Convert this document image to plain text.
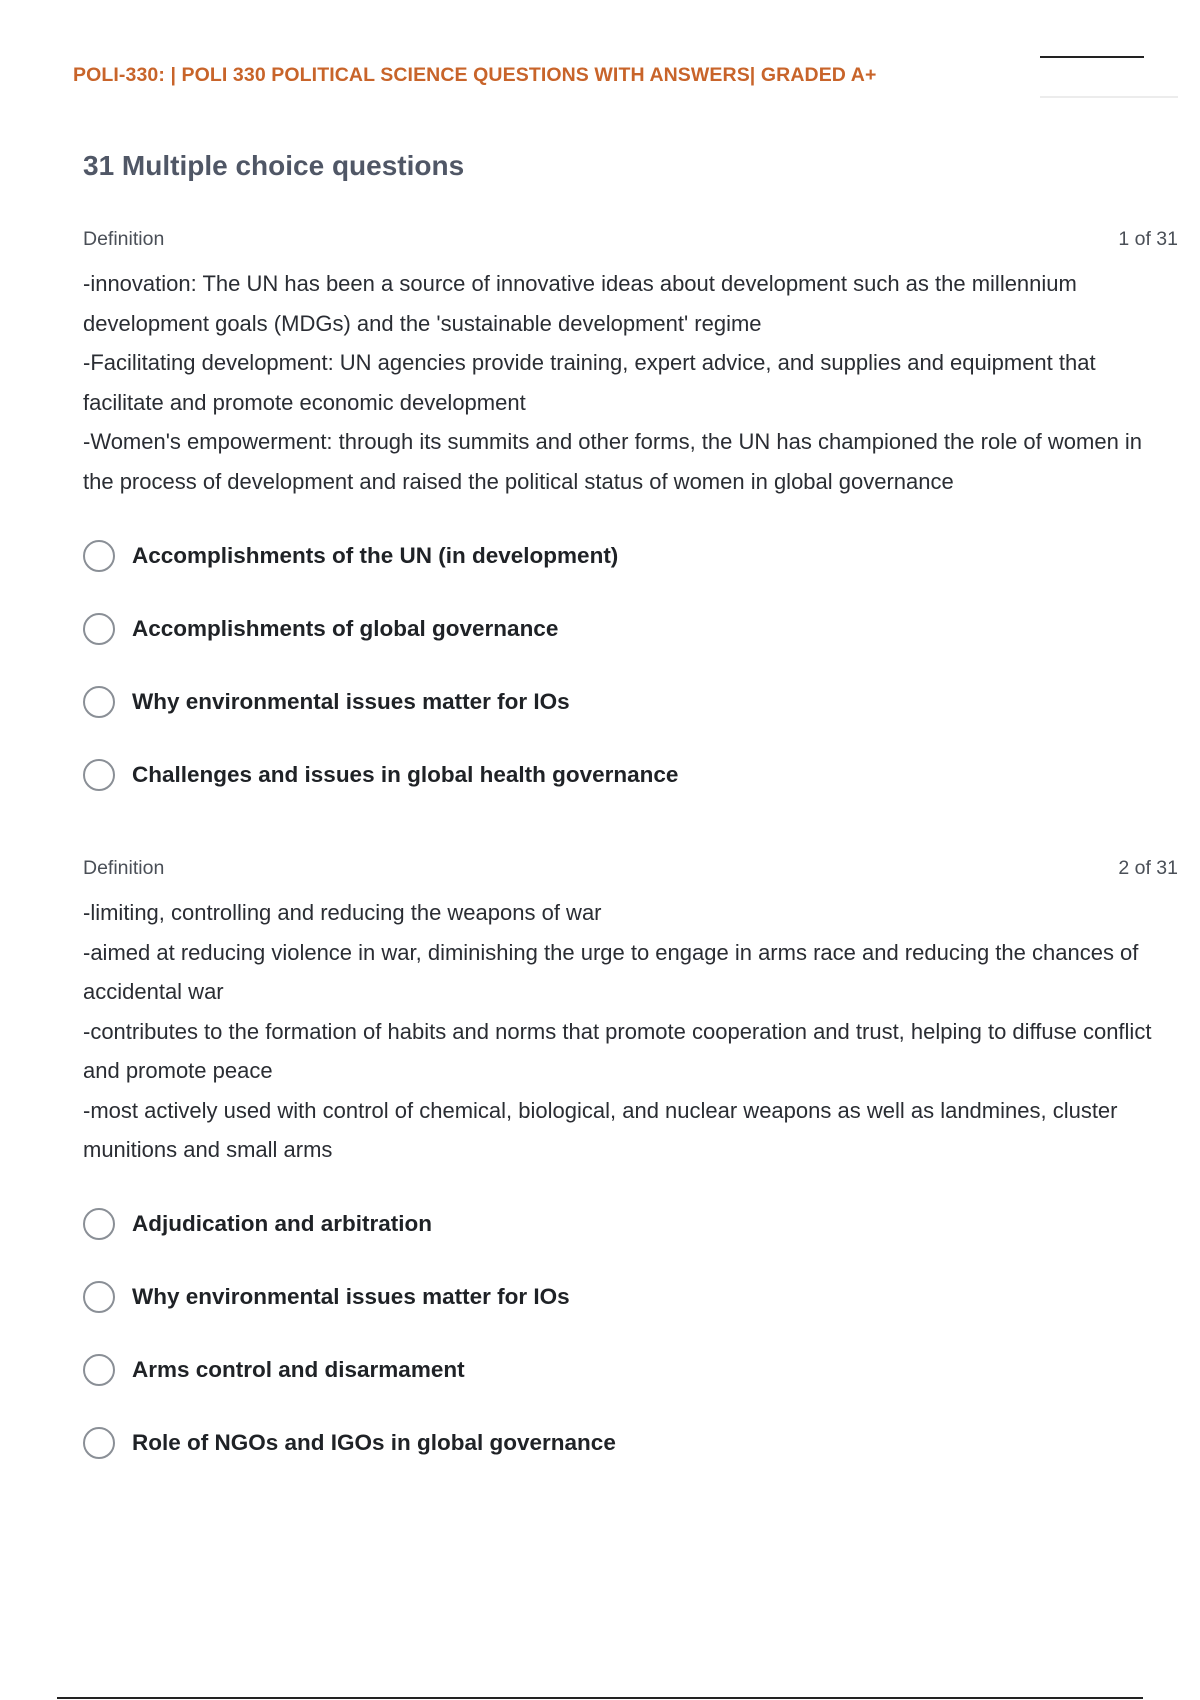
POLI-330: | POLI 330 POLITICAL SCIENCE QUESTIONS WITH ANSWERS| GRADED A+
31 Multiple choice questions
Definition	1 of 31

-innovation: The UN has been a source of innovative ideas about development such as the millennium development goals (MDGs) and the 'sustainable development' regime

-Facilitating development: UN agencies provide training, expert advice, and supplies and equipment that facilitate and promote economic development

-Women's empowerment: through its summits and other forms, the UN has championed the role of women in the process of development and raised the political status of women in global governance

Accomplishments of the UN (in development)
Accomplishments of global governance
Why environmental issues matter for IOs
Challenges and issues in global health governance
Definition	2 of 31

-limiting, controlling and reducing the weapons of war

-aimed at reducing violence in war, diminishing the urge to engage in arms race and reducing the chances of accidental war

-contributes to the formation of habits and norms that promote cooperation and trust, helping to diffuse conflict and promote peace

-most actively used with control of chemical, biological, and nuclear weapons as well as landmines, cluster munitions and small arms

Adjudication and arbitration
Why environmental issues matter for IOs
Arms control and disarmament
Role of NGOs and IGOs in global governance
